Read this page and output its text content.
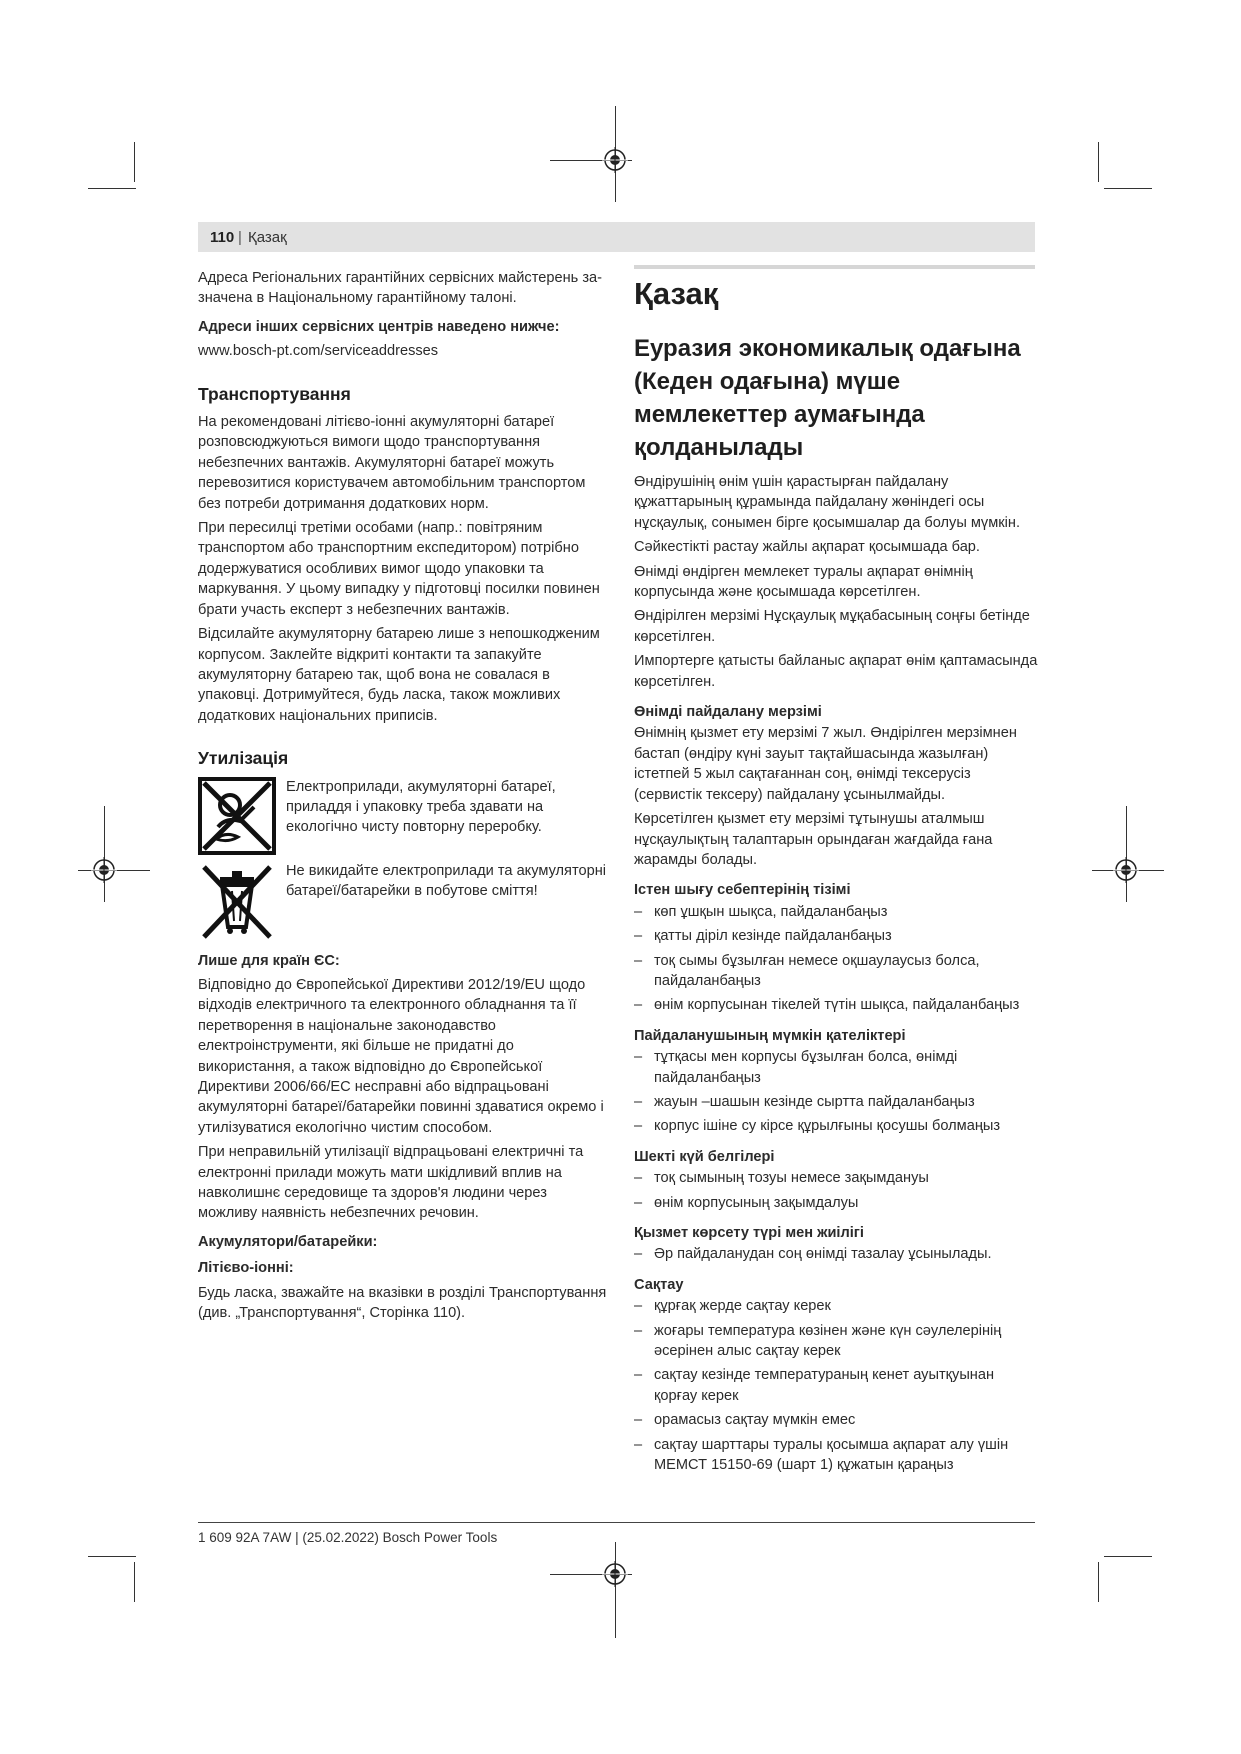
110 | Қазақ

Адреса Регіональних гарантійних сервісних майстерень за- значена в Національному гарантійному талоні.

Адреси інших сервісних центрів наведено нижче:

www.bosch-pt.com/serviceaddresses

Транспортування

На рекомендовані літієво-іонні акумуляторні батареї розповсюджуються вимоги щодо транспортування небезпечних вантажів. Акумуляторні батареї можуть перевозитися користувачем автомобільним транспортом без потреби дотримання додаткових норм.

При пересилці третіми особами (напр.: повітряним транспортом або транспортним експедитором) потрібно додержуватися особливих вимог щодо упаковки та маркування. У цьому випадку у підготовці посилки повинен брати участь експерт з небезпечних вантажів.

Відсилайте акумуляторну батарею лише з непошкодженим корпусом. Заклейте відкриті контакти та запакуйте акумуляторну батарею так, щоб вона не совалася в упаковці. Дотримуйтеся, будь ласка, також можливих додаткових національних приписів.

Утилізація
Електроприлади, акумуляторні батареї, приладдя і упаковку треба здавати на екологічно чисту повторну переробку.
Не викидайте електроприлади та акумуляторні батареї/батарейки в побутове сміття!

Лише для країн ЄС:

Відповідно до Європейської Директиви 2012/19/EU щодо відходів електричного та електронного обладнання та її перетворення в національне законодавство електроінструменти, які більше не придатні до використання, а також відповідно до Європейської Директиви 2006/66/EC несправні або відпрацьовані акумуляторні батареї/батарейки повинні здаватися окремо і утилізуватися екологічно чистим способом.

При неправильній утилізації відпрацьовані електричні та електронні прилади можуть мати шкідливий вплив на навколишнє середовище та здоров'я людини через можливу наявність небезпечних речовин.

Акумулятори/батарейки:

Літієво-іонні:

Будь ласка, зважайте на вказівки в розділі Транспортування (див. „Транспортування“, Сторінка 110).

Қазақ
Еуразия экономикалық одағына (Кеден одағына) мүше мемлекеттер аумағында қолданылады

Өндірушінің өнім үшін қарастырған пайдалану құжаттарының құрамында пайдалану жөніндегі осы нұсқаулық, сонымен бірге қосымшалар да болуы мүмкін.

Сәйкестікті растау жайлы ақпарат қосымшада бар.

Өнімді өндірген мемлекет туралы ақпарат өнімнің корпусында және қосымшада көрсетілген.

Өндірілген мерзімі Нұсқаулық мұқабасының соңғы бетінде көрсетілген.

Импортерге қатысты байланыс ақпарат өнім қаптамасында көрсетілген.

Өнімді пайдалану мерзімі

Өнімнің қызмет ету мерзімі 7 жыл. Өндірілген мерзімнен бастап (өндіру күні зауыт тақтайшасында жазылған) істетпей 5 жыл сақтағаннан соң, өнімді тексерусіз (сервистік тексеру) пайдалану ұсынылмайды.

Көрсетілген қызмет ету мерзімі тұтынушы аталмыш нұсқаулықтың талаптарын орындаған жағдайда ғана жарамды болады.

Істен шығу себептерінің тізімі
– көп ұшқын шықса, пайдаланбаңыз
– қатты діріл кезінде пайдаланбаңыз
– тоқ сымы бұзылған немесе оқшаулаусыз болса, пайдаланбаңыз
– өнім корпусынан тікелей түтін шықса, пайдаланбаңыз
Пайдаланушының мүмкін қателіктері
– тұтқасы мен корпусы бұзылған болса, өнімді пайдаланбаңыз
– жауын –шашын кезінде сыртта пайдаланбаңыз
– корпус ішіне су кірсе құрылғыны қосушы болмаңыз
Шекті күй белгілері
– тоқ сымының тозуы немесе зақымдануы
– өнім корпусының зақымдалуы
Қызмет көрсету түрі мен жиілігі
– Әр пайдаланудан соң өнімді тазалау ұсынылады.
Сақтау
– құрғақ жерде сақтау керек
– жоғары температура көзінен және күн сәулелерінің әсерінен алыс сақтау керек
– сақтау кезінде температураның кенет ауытқуынан қорғау керек
– орамасыз сақтау мүмкін емес
– сақтау шарттары туралы қосымша ақпарат алу үшін МЕМСТ 15150-69 (шарт 1) құжатын қараңыз
1 609 92A 7AW | (25.02.2022) Bosch Power Tools
